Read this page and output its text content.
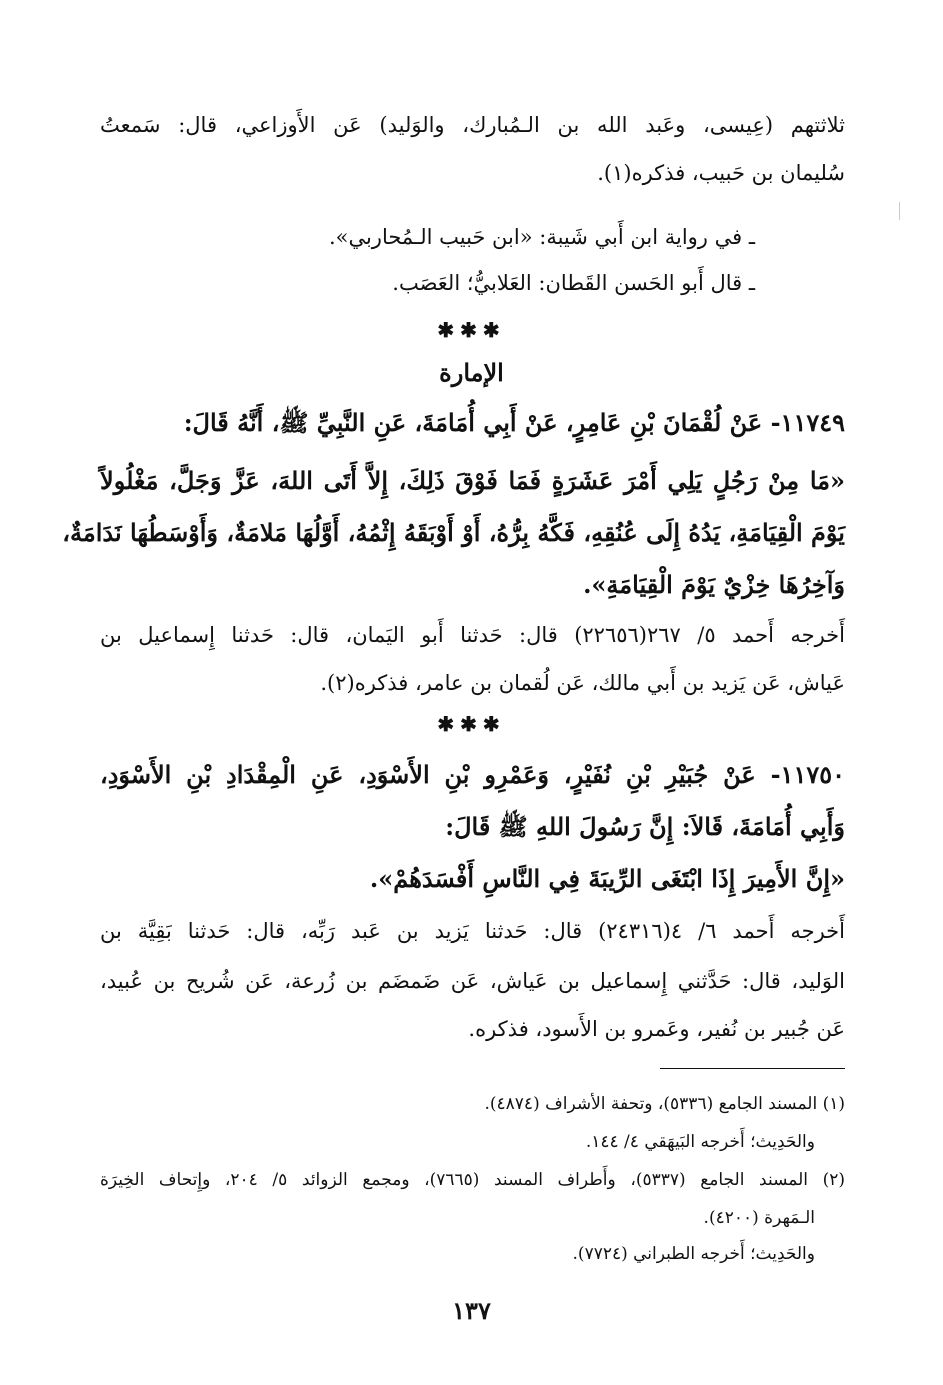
ثلاثتهم (عِيسى، وعَبد الله بن الـمُبارك، والوَليد) عَن الأَوزاعي، قال: سَمعتُ
سُليمان بن حَبيب، فذكره(١).
ـ في رواية ابن أَبي شَيبة: «ابن حَبيب الـمُحاربي».
ـ قال أَبو الحَسن القَطان: العَلابيُّ؛ العَصَب.
✱✱✱
الإمارة
١١٧٤٩- عَنْ لُقْمَانَ بْنِ عَامِرٍ، عَنْ أَبِي أُمَامَةَ، عَنِ النَّبِيِّ ﷺ، أَنَّهُ قَالَ:
«مَا مِنْ رَجُلٍ يَلِي أَمْرَ عَشَرَةٍ فَمَا فَوْقَ ذَلِكَ، إِلاَّ أَتَى اللهَ، عَزَّ وَجَلَّ، مَغْلُولاً
يَوْمَ الْقِيَامَةِ، يَدُهُ إِلَى عُنُقِهِ، فَكَّهُ بِرُّهُ، أَوْ أَوْبَقَهُ إِثْمُهُ، أَوَّلُهَا مَلامَةٌ، وَأَوْسَطُهَا نَدَامَةٌ،
وَآخِرُهَا خِزْيٌ يَوْمَ الْقِيَامَةِ».
أَخرجه أَحمد ٥/ ٢٦٧(٢٢٦٥٦) قال: حَدثنا أَبو اليَمان، قال: حَدثنا إِسماعيل بن
عَياش، عَن يَزيد بن أَبي مالك، عَن لُقمان بن عامر، فذكره(٢).
✱✱✱
١١٧٥٠- عَنْ جُبَيْرِ بْنِ نُفَيْرٍ، وَعَمْرِو بْنِ الأَسْوَدِ، عَنِ الْمِقْدَادِ بْنِ الأَسْوَدِ،
وَأَبِي أُمَامَةَ، قَالاَ: إِنَّ رَسُولَ اللهِ ﷺ قَالَ:
«إِنَّ الأَمِيرَ إِذَا ابْتَغَى الرِّيبَةَ فِي النَّاسِ أَفْسَدَهُمْ».
أَخرجه أَحمد ٦/ ٤(٢٤٣١٦) قال: حَدثنا يَزيد بن عَبد رَبِّه، قال: حَدثنا بَقِيَّة بن
الوَليد، قال: حَدَّثني إِسماعيل بن عَياش، عَن ضَمضَم بن زُرعة، عَن شُريح بن عُبيد،
عَن جُبير بن نُفير، وعَمرو بن الأَسود، فذكره.
(١) المسند الجامع (٥٣٣٦)، وتحفة الأشراف (٤٨٧٤).
والحَدِيث؛ أَخرجه البَيهَقي ٤/ ١٤٤.
(٢) المسند الجامع (٥٣٣٧)، وأَطراف المسند (٧٦٦٥)، ومجمع الزوائد ٥/ ٢٠٤، وإِتحاف الخِيرَة
الـمَهرة (٤٢٠٠).
والحَدِيث؛ أَخرجه الطبراني (٧٧٢٤).
١٣٧
